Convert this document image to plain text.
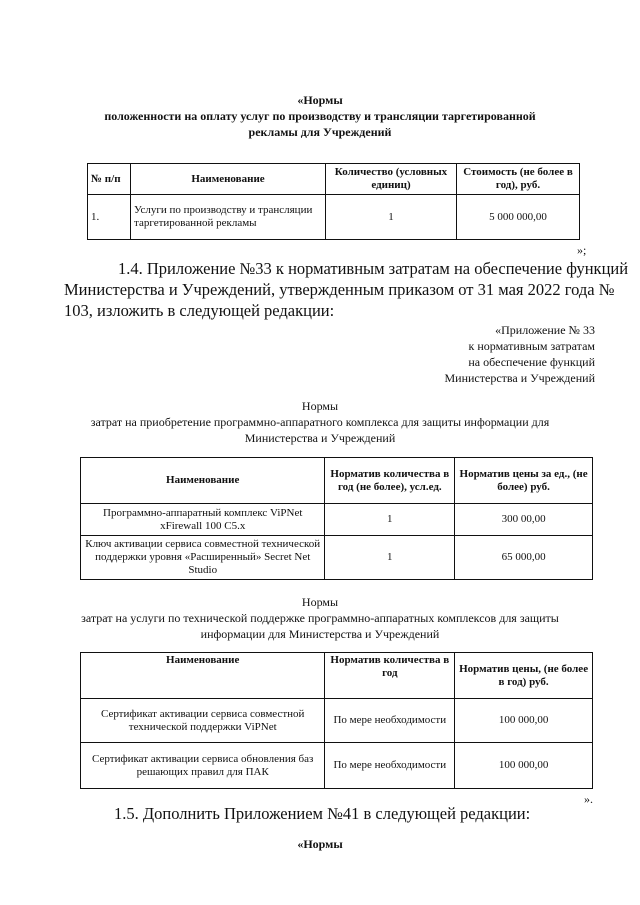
«Нормы
положенности на оплату услуг по производству и трансляции таргетированной
рекламы для Учреждений
№ п/п	Наименование	Количество (условных единиц)	Стоимость (не более в год), руб.
1.	Услуги по производству и трансляции таргетированной рекламы	1	5 000 000,00
»;
1.4. Приложение №33 к нормативным затратам на обеспечение функций
Министерства и Учреждений, утвержденным приказом от 31 мая 2022 года №
103, изложить в следующей редакции:
«Приложение № 33
к нормативным затратам
на обеспечение функций
Министерства и Учреждений
Нормы
затрат на приобретение программно-аппаратного комплекса для защиты информации для
Министерства и Учреждений
Наименование	Норматив количества в год (не более), усл.ед.	Норматив цены за ед., (не более) руб.
Программно-аппаратный комплекс ViPNet xFirewall 100 C5.x	1	300 00,00
Ключ активации сервиса совместной технической поддержки уровня «Расширенный» Secret Net Studio	1	65 000,00
Нормы
затрат на услуги по технической поддержке программно-аппаратных комплексов для защиты
информации для Министерства и Учреждений
Наименование	Норматив количества в год	Норматив цены, (не более в год) руб.
Сертификат активации сервиса совместной технической поддержки ViPNet	По мере необходимости	100 000,00
Сертификат активации сервиса обновления баз решающих правил для ПАК	По мере необходимости	100 000,00
».
1.5. Дополнить Приложением №41 в следующей редакции:
«Нормы
